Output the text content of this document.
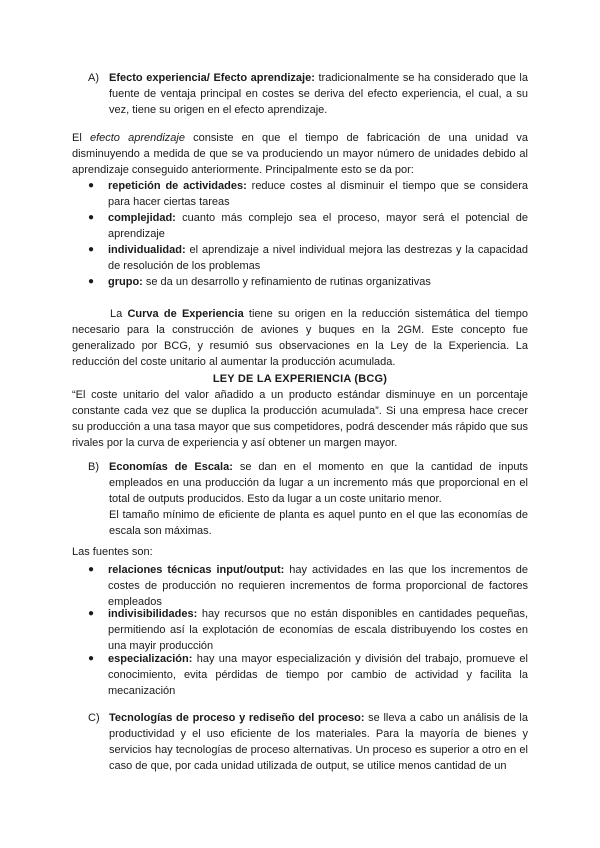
A) Efecto experiencia/ Efecto aprendizaje: tradicionalmente se ha considerado que la fuente de ventaja principal en costes se deriva del efecto experiencia, el cual, a su vez, tiene su origen en el efecto aprendizaje.
El efecto aprendizaje consiste en que el tiempo de fabricación de una unidad va disminuyendo a medida de que se va produciendo un mayor número de unidades debido al aprendizaje conseguido anteriormente. Principalmente esto se da por:
● repetición de actividades: reduce costes al disminuir el tiempo que se considera para hacer ciertas tareas
● complejidad: cuanto más complejo sea el proceso, mayor será el potencial de aprendizaje
● individualidad: el aprendizaje a nivel individual mejora las destrezas y la capacidad de resolución de los problemas
● grupo: se da un desarrollo y refinamiento de rutinas organizativas
La Curva de Experiencia tiene su origen en la reducción sistemática del tiempo necesario para la construcción de aviones y buques en la 2GM. Este concepto fue generalizado por BCG, y resumió sus observaciones en la Ley de la Experiencia. La reducción del coste unitario al aumentar la producción acumulada.
LEY DE LA EXPERIENCIA (BCG)
“El coste unitario del valor añadido a un producto estándar disminuye en un porcentaje constante cada vez que se duplica la producción acumulada”. Si una empresa hace crecer su producción a una tasa mayor que sus competidores, podrá descender más rápido que sus rivales por la curva de experiencia y así obtener un margen mayor.
B) Economías de Escala: se dan en el momento en que la cantidad de inputs empleados en una producción da lugar a un incremento más que proporcional en el total de outputs producidos. Esto da lugar a un coste unitario menor.
El tamaño mínimo de eficiente de planta es aquel punto en el que las economías de escala son máximas.
Las fuentes son:
● relaciones técnicas input/output: hay actividades en las que los incrementos de costes de producción no requieren incrementos de forma proporcional de factores empleados
● indivisibilidades: hay recursos que no están disponibles en cantidades pequeñas, permitiendo así la explotación de economías de escala distribuyendo los costes en una mayir producción
● especialización: hay una mayor especialización y división del trabajo, promueve el conocimiento, evita pérdidas de tiempo por cambio de actividad y facilita la mecanización
C) Tecnologías de proceso y rediseño del proceso: se lleva a cabo un análisis de la productividad y el uso eficiente de los materiales. Para la mayoría de bienes y servicios hay tecnologías de proceso alternativas. Un proceso es superior a otro en el caso de que, por cada unidad utilizada de output, se utilice menos cantidad de un
